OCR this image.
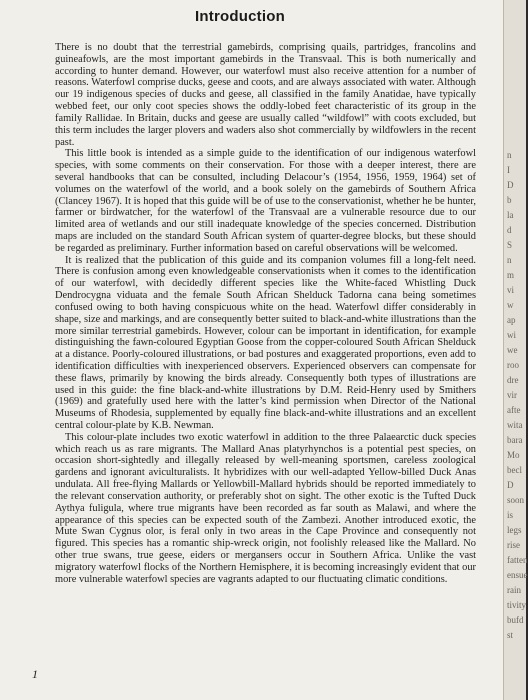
Introduction

There is no doubt that the terrestrial gamebirds, comprising quails, partridges, francolins and guineafowls, are the most important gamebirds in the Transvaal. This is both numerically and according to hunter demand. However, our waterfowl must also receive attention for a number of reasons. Waterfowl comprise ducks, geese and coots, and are always associated with water. Although our 19 indigenous species of ducks and geese, all classified in the family Anatidae, have typically webbed feet, our only coot species shows the oddly-lobed feet characteristic of its group in the family Rallidae. In Britain, ducks and geese are usually called “wildfowl” with coots excluded, but this term includes the larger plovers and waders also shot commercially by wildfowlers in the recent past.

This little book is intended as a simple guide to the identification of our indigenous waterfowl species, with some comments on their conservation. For those with a deeper interest, there are several handbooks that can be consulted, including Delacour’s (1954, 1956, 1959, 1964) set of volumes on the waterfowl of the world, and a book solely on the gamebirds of Southern Africa (Clancey 1967). It is hoped that this guide will be of use to the conservationist, whether he be hunter, farmer or birdwatcher, for the waterfowl of the Transvaal are a vulnerable resource due to our limited area of wetlands and our still inadequate knowledge of the species concerned. Distribution maps are included on the standard South African system of quarter-degree blocks, but these should be regarded as preliminary. Further information based on careful observations will be welcomed.

It is realized that the publication of this guide and its companion volumes fill a long-felt need. There is confusion among even knowledgeable conservationists when it comes to the identification of our waterfowl, with decidedly different species like the White-faced Whistling Duck Dendrocygna viduata and the female South African Shelduck Tadorna cana being sometimes confused owing to both having conspicuous white on the head. Waterfowl differ considerably in shape, size and markings, and are consequently better suited to black-and-white illustrations than the more similar terrestrial gamebirds. However, colour can be important in identification, for example distinguishing the fawn-coloured Egyptian Goose from the copper-coloured South African Shelduck at a distance. Poorly-coloured illustrations, or bad postures and exaggerated proportions, even add to identification difficulties with inexperienced observers. Experienced observers can compensate for these flaws, primarily by knowing the birds already. Consequently both types of illustrations are used in this guide: the fine black-and-white illustrations by D.M. Reid-Henry used by Smithers (1969) and gratefully used here with the latter’s kind permission when Director of the National Museums of Rhodesia, supplemented by equally fine black-and-white illustrations and an excellent central colour-plate by K.B. Newman.

This colour-plate includes two exotic waterfowl in addition to the three Palaearctic duck species which reach us as rare migrants. The Mallard Anas platyrhynchos is a potential pest species, on occasion short-sightedly and illegally released by well-meaning sportsmen, careless zoological gardens and ignorant aviculturalists. It hybridizes with our well-adapted Yellow-billed Duck Anas undulata. All free-flying Mallards or Yellowbill-Mallard hybrids should be reported immediately to the relevant conservation authority, or preferably shot on sight. The other exotic is the Tufted Duck Aythya fuligula, where true migrants have been recorded as far south as Malawi, and where the appearance of this species can be expected south of the Zambezi. Another introduced exotic, the Mute Swan Cygnus olor, is feral only in two areas in the Cape Province and consequently not figured. This species has a romantic ship-wreck origin, not foolishly released like the Mallard. No other true swans, true geese, eiders or mergansers occur in Southern Africa. Unlike the vast migratory waterfowl flocks of the Northern Hemisphere, it is becoming increasingly evident that our more vulnerable waterfowl species are vagrants adapted to our fluctuating climatic conditions.

1
n
I
D
b
la
d
S
n
m
vi
w
ap
wi
we
roo
dre
vir
afte
wita
bara
Mo
becl
D
soon
is
legs
rise
fatten
ensue
rain
tivity
bufd
st
